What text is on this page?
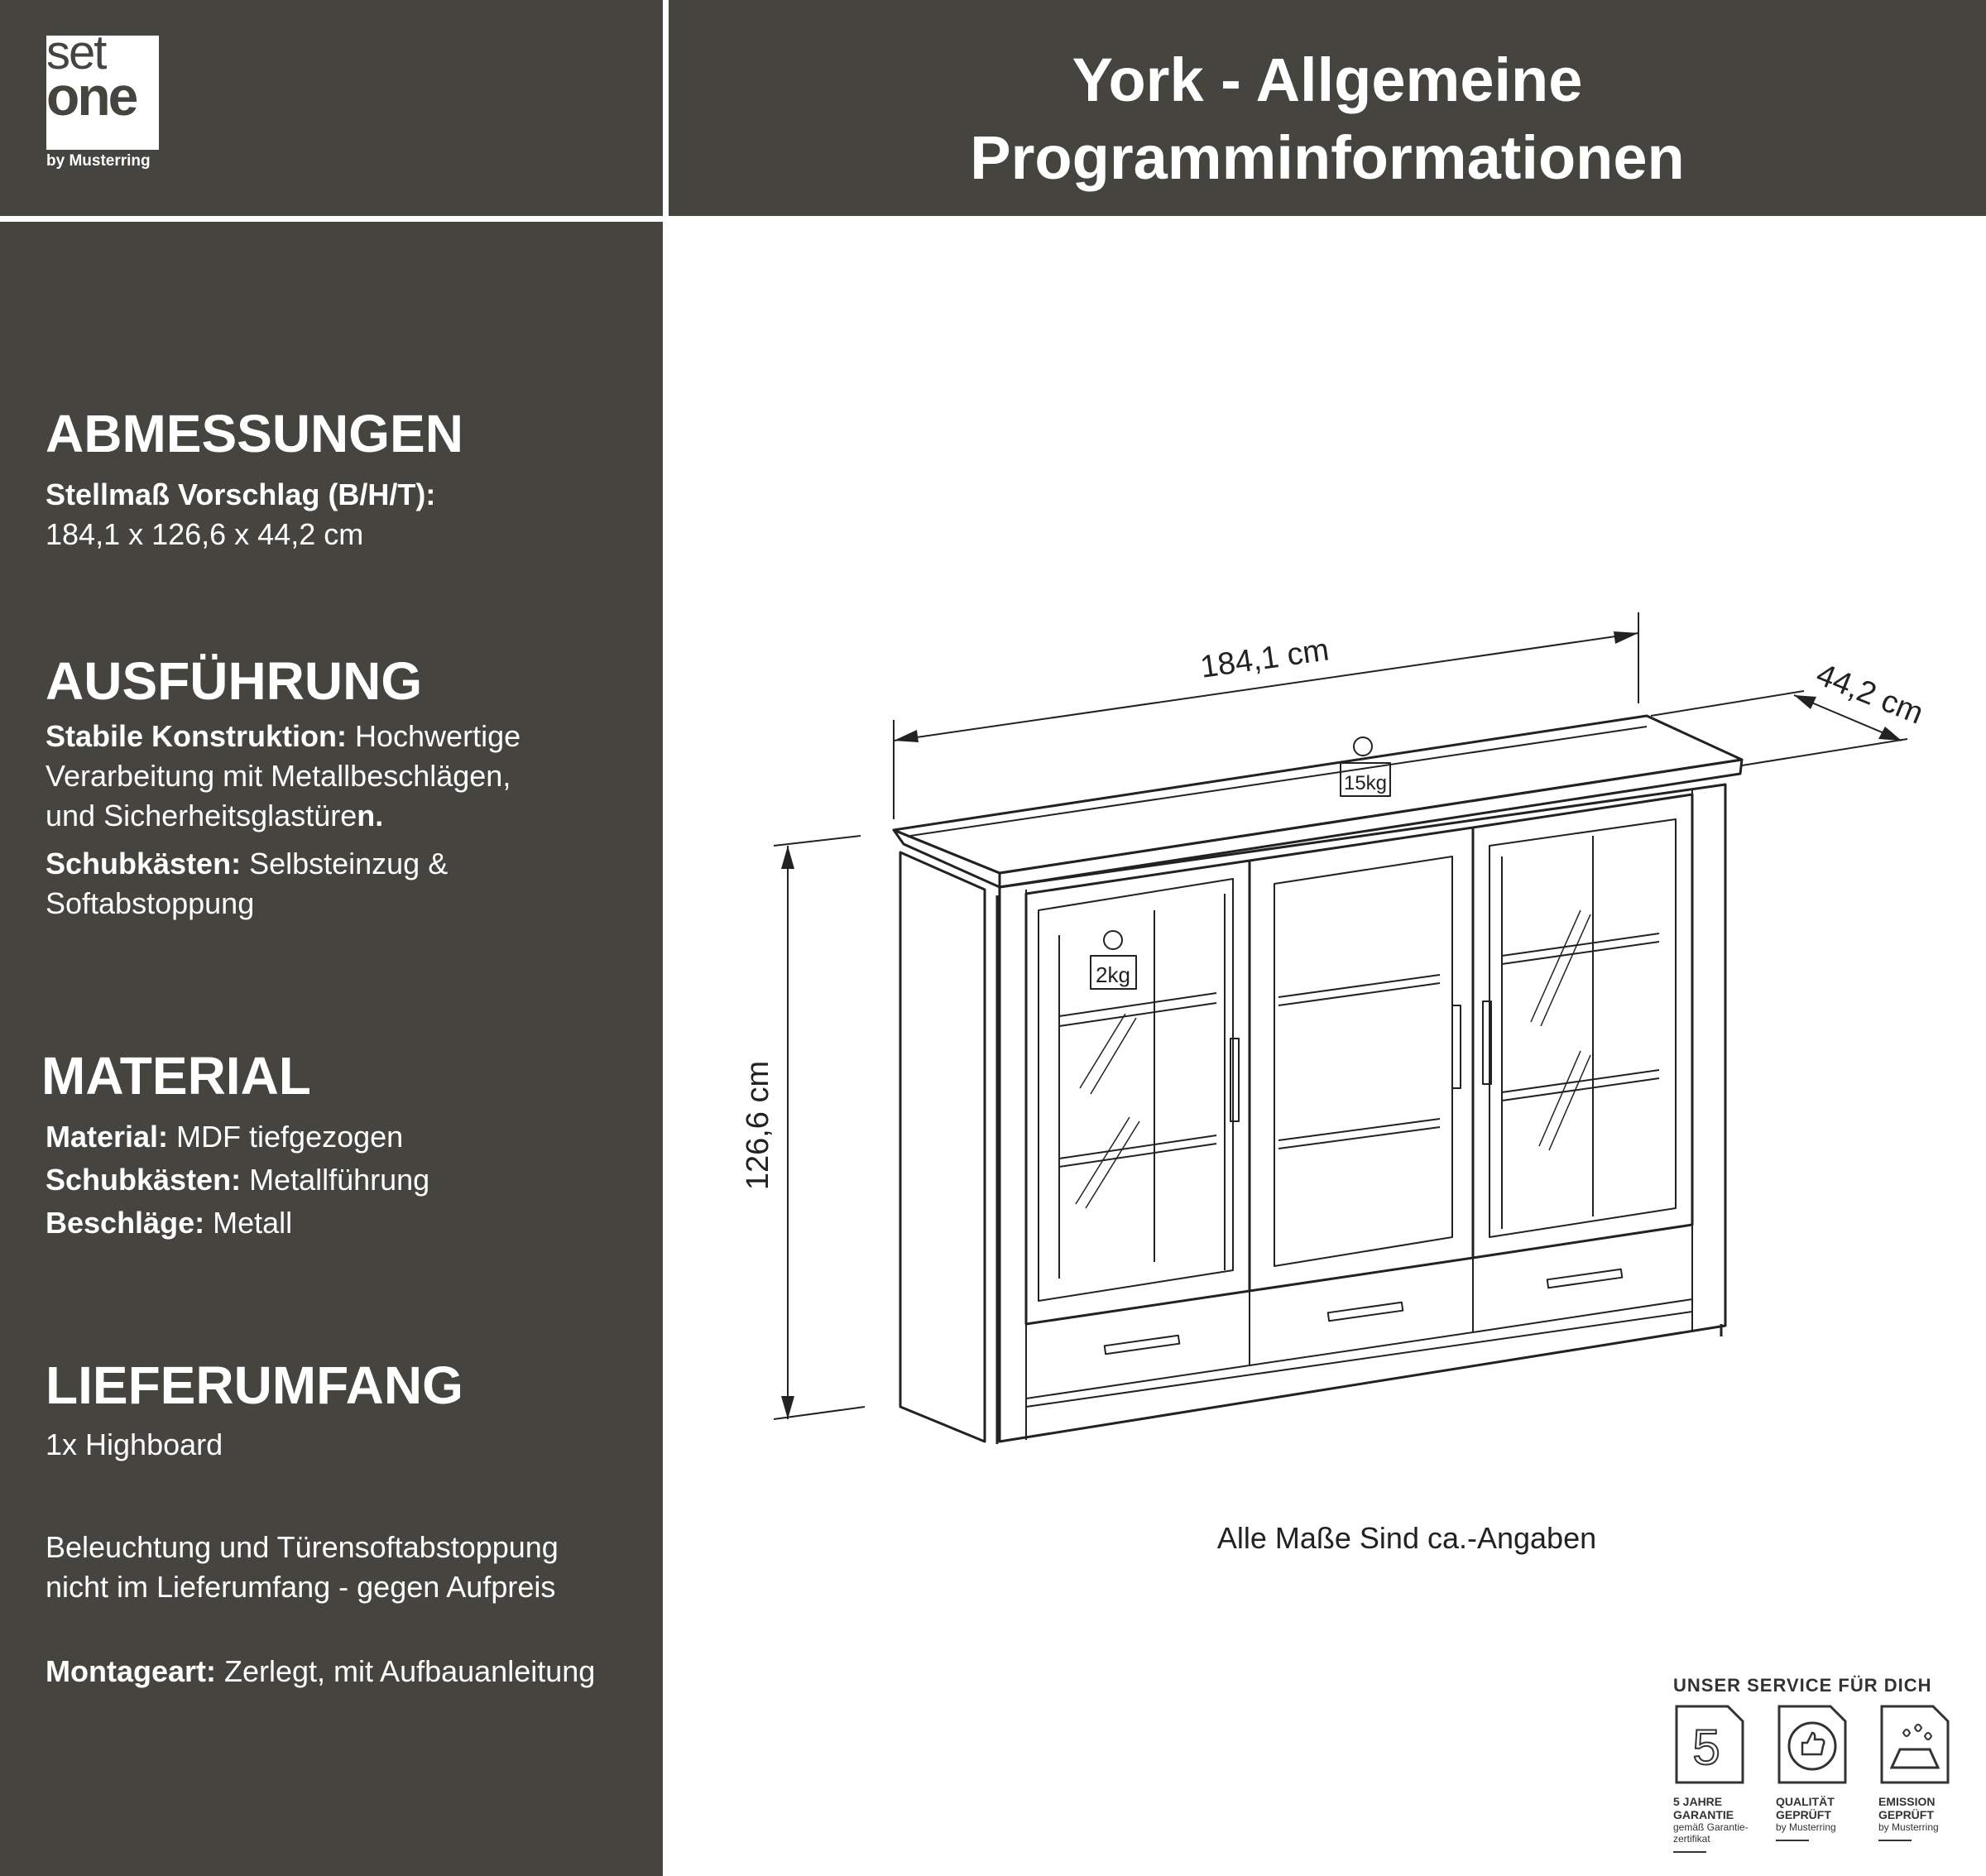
set
one
by Musterring
York - Allgemeine
Programminformationen
ABMESSUNGEN
Stellmaß Vorschlag (B/H/T):
184,1 x 126,6 x 44,2 cm
AUSFÜHRUNG
Stabile Konstruktion: Hochwertige
Verarbeitung mit Metallbeschlägen,
und Sicherheitsglastüren.
Schubkästen: Selbsteinzug &
Softabstoppung
MATERIAL
Material: MDF tiefgezogen
Schubkästen: Metallführung
Beschläge: Metall
LIEFERUMFANG
1x Highboard
Beleuchtung und Türensoftabstoppung
nicht im Lieferumfang - gegen Aufpreis
Montageart: Zerlegt, mit Aufbauanleitung
184,1 cm	44,2 cm
126,6 cm
15kg
2kg
Alle Maße Sind ca.-Angaben
UNSER SERVICE FÜR DICH
5
5 JAHRE
GARANTIE
gemäß Garantie-
zertifikat
QUALITÄT
GEPRÜFT
by Musterring
EMISSION
GEPRÜFT
by Musterring
